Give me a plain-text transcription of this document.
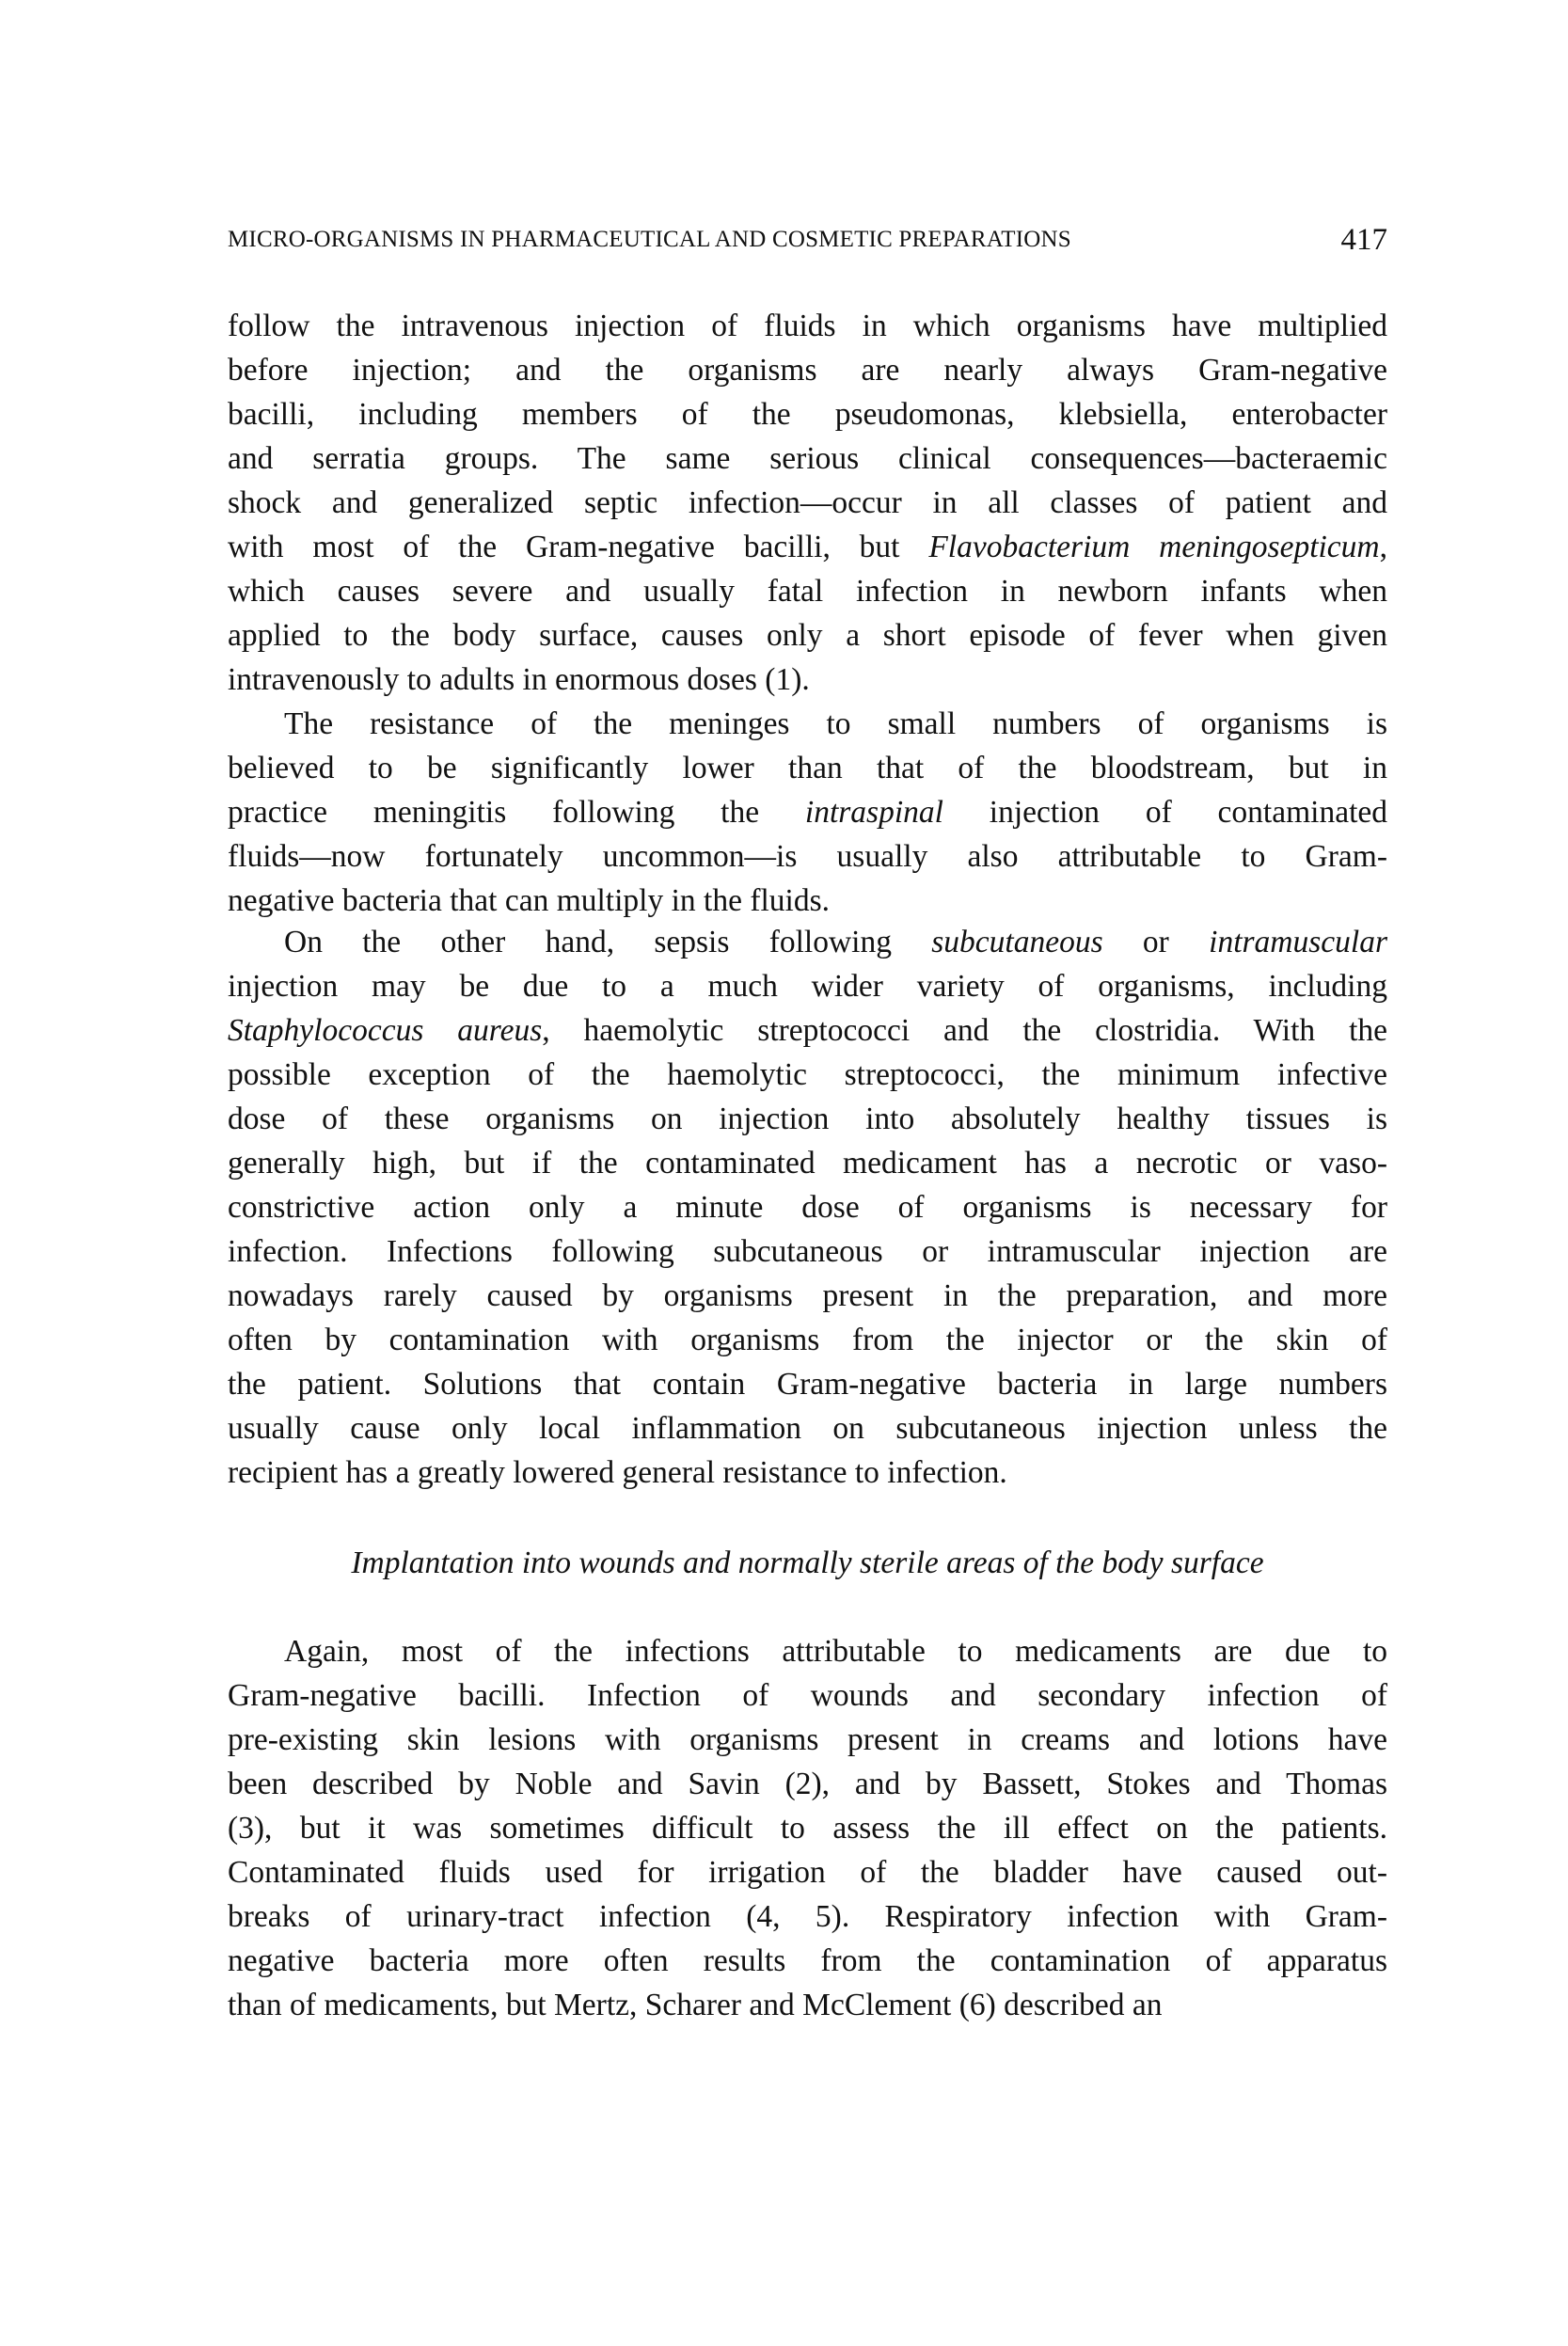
MICRO-ORGANISMS IN PHARMACEUTICAL AND COSMETIC PREPARATIONS	417
follow the intravenous injection of fluids in which organisms have multiplied
before injection; and the organisms are nearly always Gram-negative
bacilli, including members of the pseudomonas, klebsiella, enterobacter
and serratia groups. The same serious clinical consequences—bacteraemic
shock and generalized septic infection—occur in all classes of patient and
with most of the Gram-negative bacilli, but Flavobacterium meningosepticum,
which causes severe and usually fatal infection in newborn infants when
applied to the body surface, causes only a short episode of fever when given
intravenously to adults in enormous doses (1).
The resistance of the meninges to small numbers of organisms is
believed to be significantly lower than that of the bloodstream, but in
practice meningitis following the intraspinal injection of contaminated
fluids—now fortunately uncommon—is usually also attributable to Gram-
negative bacteria that can multiply in the fluids.
On the other hand, sepsis following subcutaneous or intramuscular
injection may be due to a much wider variety of organisms, including
Staphylococcus aureus, haemolytic streptococci and the clostridia. With the
possible exception of the haemolytic streptococci, the minimum infective
dose of these organisms on injection into absolutely healthy tissues is
generally high, but if the contaminated medicament has a necrotic or vaso-
constrictive action only a minute dose of organisms is necessary for
infection. Infections following subcutaneous or intramuscular injection are
nowadays rarely caused by organisms present in the preparation, and more
often by contamination with organisms from the injector or the skin of
the patient. Solutions that contain Gram-negative bacteria in large numbers
usually cause only local inflammation on subcutaneous injection unless the
recipient has a greatly lowered general resistance to infection.
Implantation into wounds and normally sterile areas of the body surface
Again, most of the infections attributable to medicaments are due to
Gram-negative bacilli. Infection of wounds and secondary infection of
pre-existing skin lesions with organisms present in creams and lotions have
been described by Noble and Savin (2), and by Bassett, Stokes and Thomas
(3), but it was sometimes difficult to assess the ill effect on the patients.
Contaminated fluids used for irrigation of the bladder have caused out-
breaks of urinary-tract infection (4, 5). Respiratory infection with Gram-
negative bacteria more often results from the contamination of apparatus
than of medicaments, but Mertz, Scharer and McClement (6) described an
